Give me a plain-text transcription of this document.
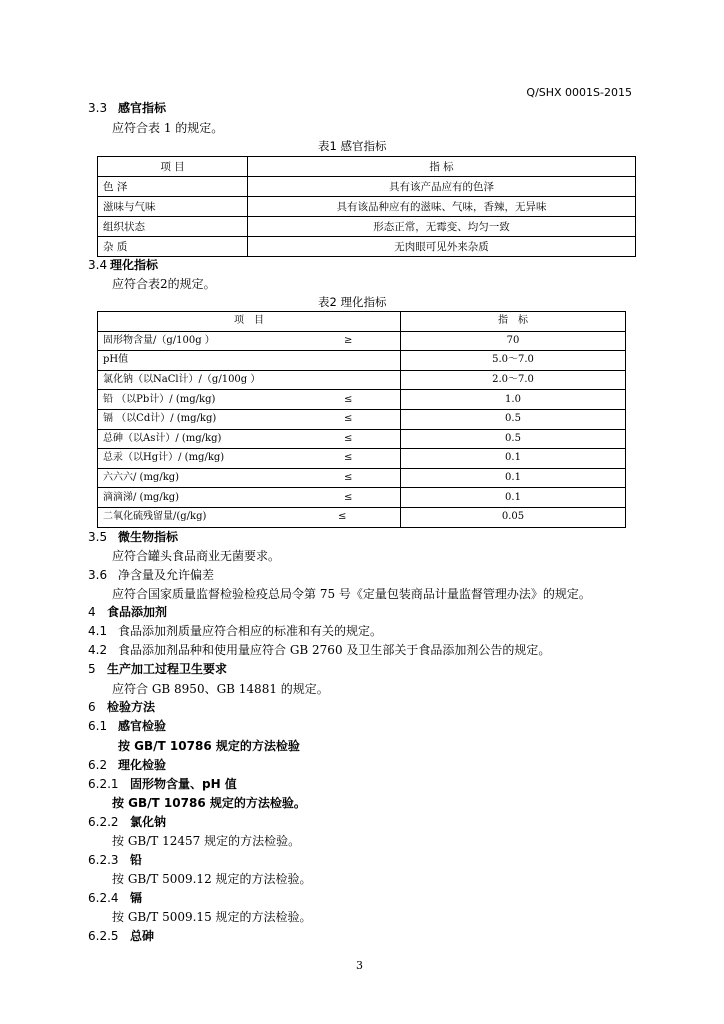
Q/SHX 0001S-2015
3.3 感官指标
应符合表 1 的规定。
表1 感官指标
项 目	指 标
色 泽	具有该产品应有的色泽
滋味与气味	具有该品种应有的滋味、气味，香辣，无异味
组织状态	形态正常，无霉变、均匀一致
杂 质	无肉眼可见外来杂质
3.4 理化指标
应符合表2的规定。
表2 理化指标
项　目	指　标
固形物含量/（g/100g ） ≥	70
pH值	5.0～7.0
氯化钠（以NaCl计）/（g/100g ）	2.0～7.0
铅 （以Pb计）/ (mg/kg) ≤	1.0
镉 （以Cd计）/ (mg/kg) ≤	0.5
总砷（以As计）/ (mg/kg) ≤	0.5
总汞（以Hg计）/ (mg/kg) ≤	0.1
六六六/ (mg/kg) ≤	0.1
滴滴涕/ (mg/kg) ≤	0.1
二氧化硫残留量/(g/kg) ≤	0.05
3.5 微生物指标
应符合罐头食品商业无菌要求。
3.6 净含量及允许偏差
应符合国家质量监督检验检疫总局令第 75 号《定量包装商品计量监督管理办法》的规定。
4 食品添加剂
4.1 食品添加剂质量应符合相应的标准和有关的规定。
4.2 食品添加剂品种和使用量应符合 GB 2760 及卫生部关于食品添加剂公告的规定。
5 生产加工过程卫生要求
应符合 GB 8950、GB 14881 的规定。
6 检验方法
6.1 感官检验
按 GB/T 10786 规定的方法检验
6.2 理化检验
6.2.1 固形物含量、pH 值
按 GB/T 10786 规定的方法检验。
6.2.2 氯化钠
按 GB/T 12457 规定的方法检验。
6.2.3 铅
按 GB/T 5009.12 规定的方法检验。
6.2.4 镉
按 GB/T 5009.15 规定的方法检验。
6.2.5 总砷
3
